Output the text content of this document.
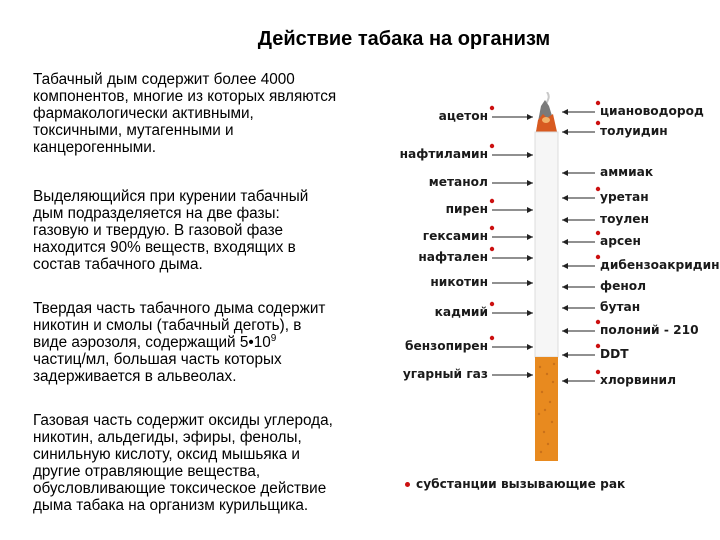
Действие табака на организм
Табачный дым содержит более 4000
компонентов, многие из которых являются
фармакологически активными,
токсичными, мутагенными и
канцерогенными.
Выделяющийся при курении табачный
дым подразделяется на две фазы:
газовую и твердую. В газовой фазе
находится 90% веществ, входящих в
состав табачного дыма.
Твердая часть табачного дыма содержит
никотин и смолы (табачный деготь), в
виде аэрозоля, содержащий $5•10^9$
частиц/мл, большая часть которых
задерживается в альвеолах.
Газовая часть содержит оксиды углерода,
никотин, альдегиды, эфиры, фенолы,
синильную кислоту, оксид мышьяка и
другие отравляющие вещества,
обусловливающие токсическое действие
дыма табака на организм курильщика.
ацетон
нафтиламин
метанол
пирен
гексамин
нафтален
никотин
кадмий
бензопирен
угарный газ
циановодород
толуидин
аммиак
уретан
тоулен
арсен
дибензоакридин
фенол
бутан
полоний - 210
DDT
хлорвинил
субстанции вызывающие рак
